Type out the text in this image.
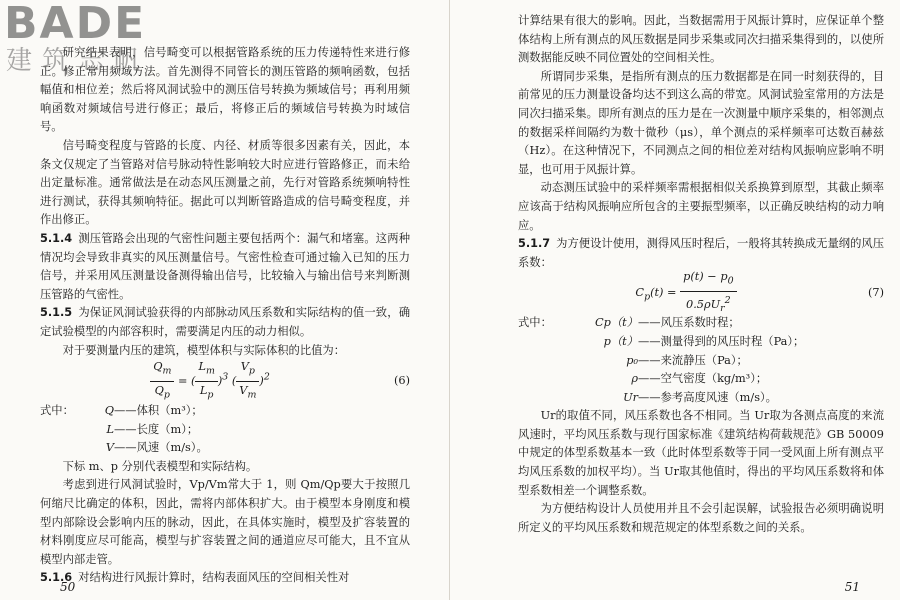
BADE
建筑志帆

研究结果表明，信号畸变可以根据管路系统的压力传递特性来进行修正。修正常用频域方法。首先测得不同管长的测压管路的频响函数，包括幅值和相位差；然后将风洞试验中的测压信号转换为频域信号；再利用频响函数对频域信号进行修正；最后，将修正后的频域信号转换为时域信号。

信号畸变程度与管路的长度、内径、材质等很多因素有关，因此，本条文仅规定了当管路对信号脉动特性影响较大时应进行管路修正，而未给出定量标准。通常做法是在动态风压测量之前，先行对管路系统频响特性进行测试，获得其频响特征。据此可以判断管路造成的信号畸变程度，并作出修正。

5.1.4 测压管路会出现的气密性问题主要包括两个：漏气和堵塞。这两种情况均会导致非真实的风压测量信号。气密性检查可通过输入已知的压力信号，并采用风压测量设备测得输出信号，比较输入与输出信号来判断测压管路的气密性。

5.1.5 为保证风洞试验获得的内部脉动风压系数和实际结构的值一致，确定试验模型的内部容积时，需要满足内压的动力相似。

对于要测量内压的建筑，模型体积与实际体积的比值为：

$\frac{Q_m}{Q_p}$ = ( $\frac{L_m}{L_p} )^3$ ( $\frac{V_p}{V_m} )^2$	(6)
式中：	Q ——体积（m³）；
L ——长度（m）；
V ——风速（m/s）。

下标 m、p 分别代表模型和实际结构。

考虑到进行风洞试验时，Vp/Vm常大于 1，则 Qm/Qp要大于按照几何缩尺比确定的体积，因此，需将内部体积扩大。由于模型本身刚度和模型内部除设会影响内压的脉动，因此，在具体实施时，模型及扩容装置的材料刚度应尽可能高，模型与扩容装置之间的通道应尽可能大，且不宜从模型内部走管。

5.1.6 对结构进行风振计算时，结构表面风压的空间相关性对

50

计算结果有很大的影响。因此，当数据需用于风振计算时，应保证单个整体结构上所有测点的风压数据是同步采集或同次扫描采集得到的，以使所测数据能反映不同位置处的空间相关性。

所谓同步采集，是指所有测点的压力数据都是在同一时刻获得的，目前常见的压力测量设备均达不到这么高的带宽。风洞试验室常用的方法是同次扫描采集。即所有测点的压力是在一次测量中顺序采集的，相邻测点的数据采样间隔约为数十微秒（μs），单个测点的采样频率可达数百赫兹（Hz）。在这种情况下，不同测点之间的相位差对结构风振响应影响不明显，也可用于风振计算。

动态测压试验中的采样频率需根据相似关系换算到原型，其截止频率应该高于结构风振响应所包含的主要振型频率，以正确反映结构的动力响应。

5.1.7 为方便设计使用，测得风压时程后，一般将其转换成无量纲的风压系数：

$C_p(t) = \frac{p(t) - p_0}{0.5\rho U_r^2}$	(7)
式中：	Cp（t） ——风压系数时程；
p（t） ——测量得到的风压时程（Pa）；
p₀ ——来流静压（Pa）；
ρ ——空气密度（kg/m³）；
Ur ——参考高度风速（m/s）。

Ur的取值不同，风压系数也各不相同。当 Ur取为各测点高度的来流风速时，平均风压系数与现行国家标准《建筑结构荷载规范》GB 50009 中规定的体型系数基本一致（此时体型系数等于同一受风面上所有测点平均风压系数的加权平均）。当 Ur取其他值时，得出的平均风压系数将和体型系数相差一个调整系数。

为方便结构设计人员使用并且不会引起误解，试验报告必须明确说明所定义的平均风压系数和规范规定的体型系数之间的关系。

51
